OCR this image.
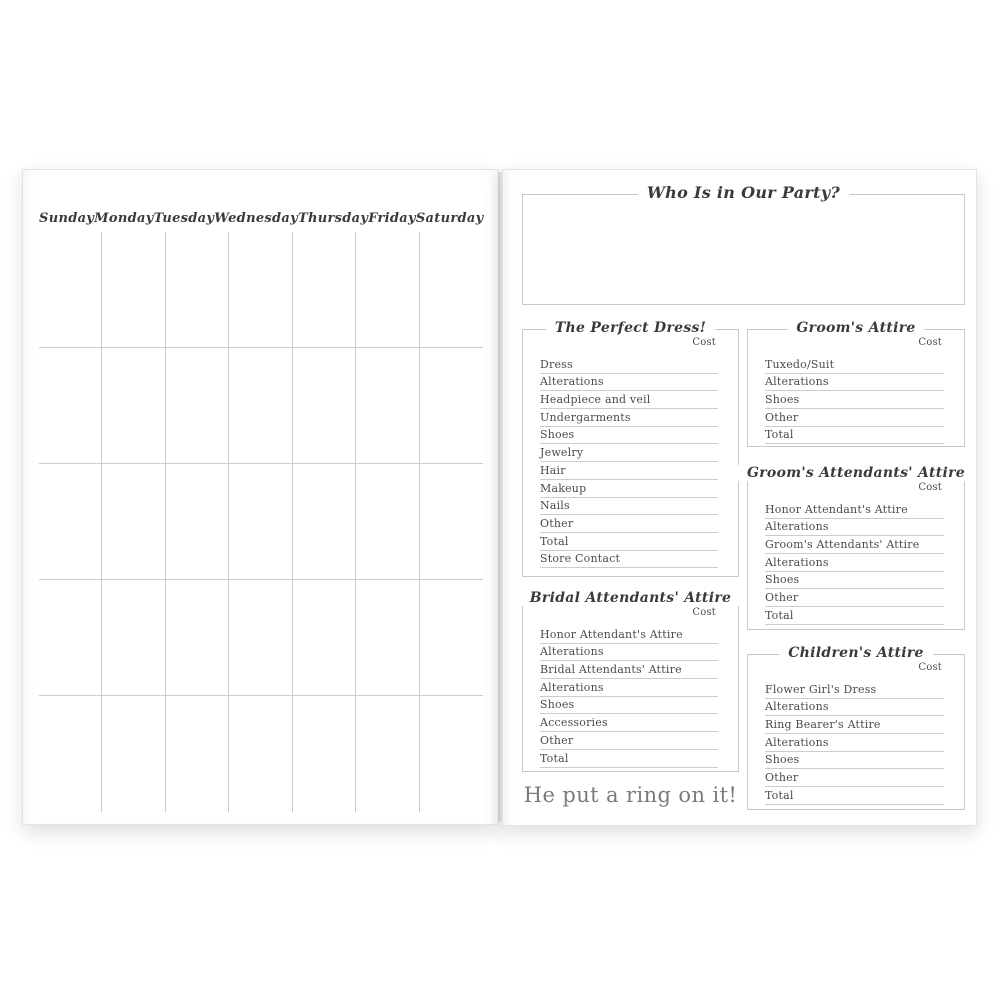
Sunday Monday Tuesday Wednesday Thursday Friday Saturday
Who Is in Our Party?
The Perfect Dress!
Cost
Dress
Alterations
Headpiece and veil
Undergarments
Shoes
Jewelry
Hair
Makeup
Nails
Other
Total
Store Contact
Bridal Attendants' Attire
Cost
Honor Attendant's Attire
Alterations
Bridal Attendants' Attire
Alterations
Shoes
Accessories
Other
Total
Groom's Attire
Cost
Tuxedo/Suit
Alterations
Shoes
Other
Total
Groom's Attendants' Attire
Cost
Honor Attendant's Attire
Alterations
Groom's Attendants' Attire
Alterations
Shoes
Other
Total
Children's Attire
Cost
Flower Girl's Dress
Alterations
Ring Bearer's Attire
Alterations
Shoes
Other
Total
He put a ring on it!
